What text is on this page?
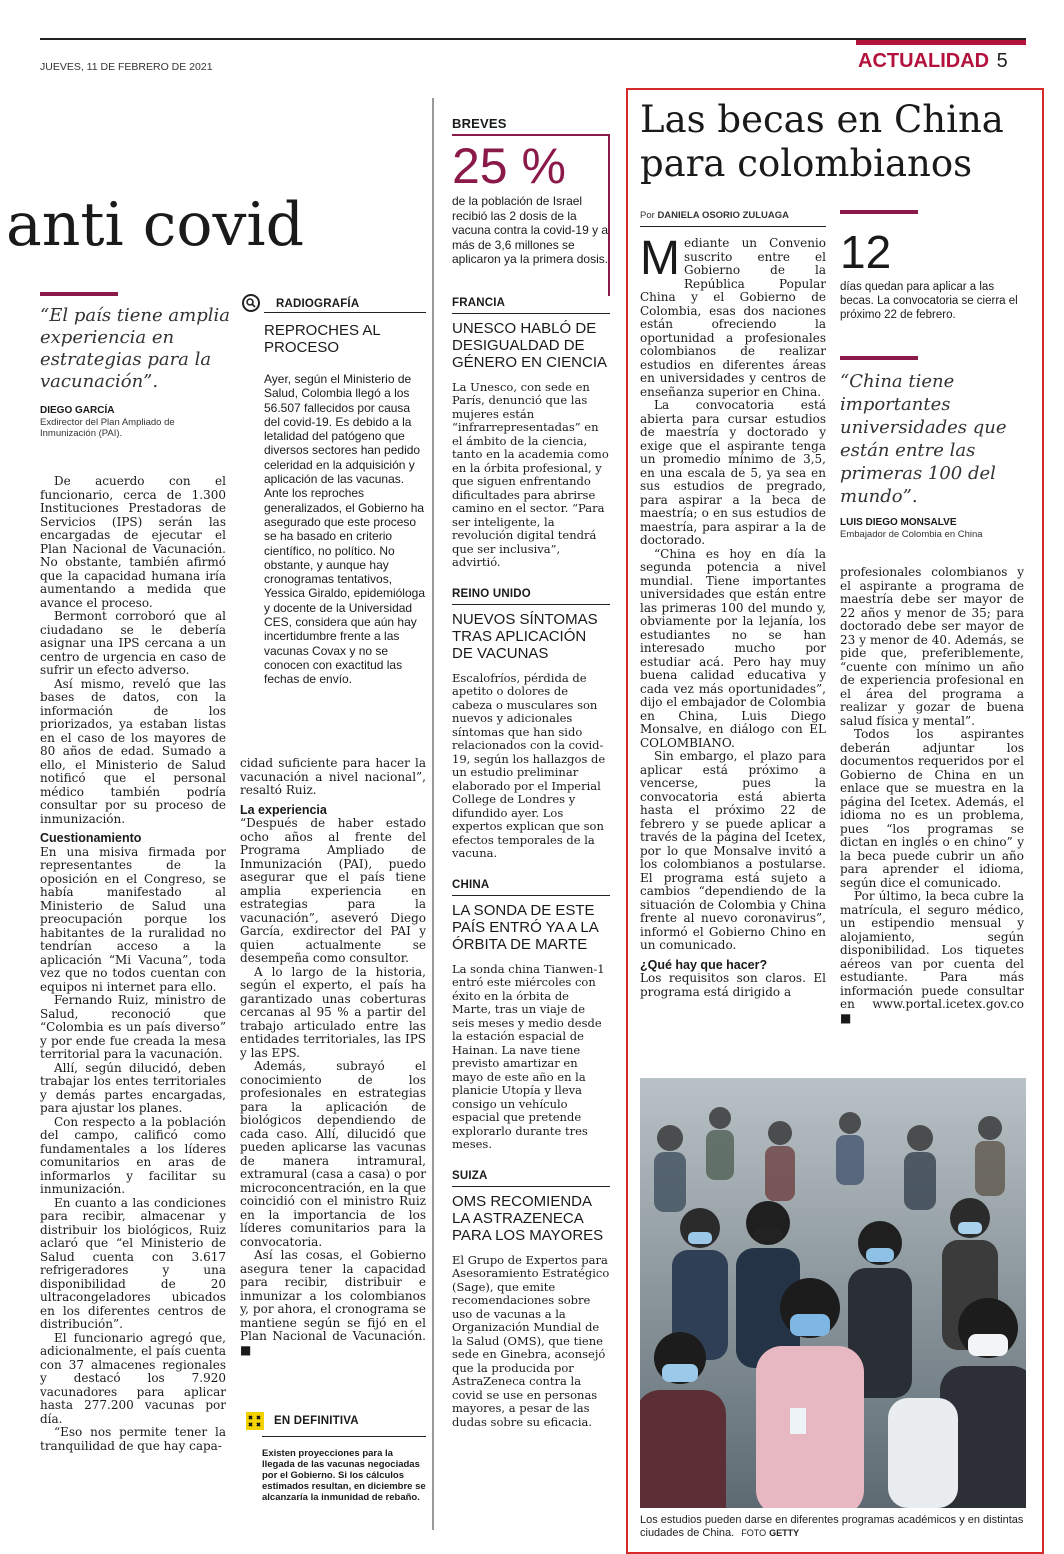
JUEVES, 11 DE FEBRERO DE 2021	ACTUALIDAD 5
anti covid
“El país tiene amplia experiencia en estrategias para la vacunación”.
DIEGO GARCÍA
Exdirector del Plan Ampliado de Inmunización (PAI).

De acuerdo con el funcionario, cerca de 1.300 Instituciones Prestadoras de Servicios (IPS) serán las encargadas de ejecutar el Plan Nacional de Vacunación. No obstante, también afirmó que la capacidad humana iría aumentando a medida que avance el proceso.

Bermont corroboró que al ciudadano se le debería asignar una IPS cercana a un centro de urgencia en caso de sufrir un efecto adverso.

Así mismo, reveló que las bases de datos, con la información de los priorizados, ya estaban listas en el caso de los mayores de 80 años de edad. Sumado a ello, el Ministerio de Salud notificó que el personal médico también podría consultar por su proceso de inmunización.

Cuestionamiento

En una misiva firmada por representantes de la oposición en el Congreso, se había manifestado al Ministerio de Salud una preocupación porque los habitantes de la ruralidad no tendrían acceso a la aplicación “Mi Vacuna”, toda vez que no todos cuentan con equipos ni internet para ello.

Fernando Ruiz, ministro de Salud, reconoció que “Colombia es un país diverso” y por ende fue creada la mesa territorial para la vacunación.

Allí, según dilucidó, deben trabajar los entes territoriales y demás partes encargadas, para ajustar los planes.

Con respecto a la población del campo, calificó como fundamentales a los líderes comunitarios en aras de informarlos y facilitar su inmunización.

En cuanto a las condiciones para recibir, almacenar y distribuir los biológicos, Ruiz aclaró que “el Ministerio de Salud cuenta con 3.617 refrigeradores y una disponibilidad de 20 ultracongeladores ubicados en los diferentes centros de distribución”.

El funcionario agregó que, adicionalmente, el país cuenta con 37 almacenes regionales y destacó los 7.920 vacunadores para aplicar hasta 277.200 vacunas por día.

“Eso nos permite tener la tranquilidad de que hay capa-

cidad suficiente para hacer la vacunación a nivel nacional”, resaltó Ruiz.

La experiencia

“Después de haber estado ocho años al frente del Programa Ampliado de Inmunización (PAI), puedo asegurar que el país tiene amplia experiencia en estrategias para la vacunación”, aseveró Diego García, exdirector del PAI y quien actualmente se desempeña como consultor.

A lo largo de la historia, según el experto, el país ha garantizado unas coberturas cercanas al 95 % a partir del trabajo articulado entre las entidades territoriales, las IPS y las EPS.

Además, subrayó el conocimiento de los profesionales en estrategias para la aplicación de biológicos dependiendo de cada caso. Allí, dilucidó que pueden aplicarse las vacunas de manera intramural, extramural (casa a casa) o por microconcentración, en la que coincidió con el ministro Ruiz en la importancia de los líderes comunitarios para la convocatoria.

Así las cosas, el Gobierno asegura tener la capacidad para recibir, distribuir e inmunizar a los colombianos y, por ahora, el cronograma se mantiene según se fijó en el Plan Nacional de Vacunación. ■

RADIOGRAFÍA
REPROCHES AL PROCESO
Ayer, según el Ministerio de Salud, Colombia llegó a los 56.507 fallecidos por causa del covid-19. Es debido a la letalidad del patógeno que diversos sectores han pedido celeridad en la adquisición y aplicación de las vacunas. Ante los reproches generalizados, el Gobierno ha asegurado que este proceso se ha basado en criterio científico, no político. No obstante, y aunque hay cronogramas tentativos, Yessica Giraldo, epidemióloga y docente de la Universidad CES, considera que aún hay incertidumbre frente a las vacunas Covax y no se conocen con exactitud las fechas de envío.
EN DEFINITIVA
Existen proyecciones para la llegada de las vacunas negociadas por el Gobierno. Si los cálculos estimados resultan, en diciembre se alcanzaría la inmunidad de rebaño.
BREVES
25 %
de la población de Israel recibió las 2 dosis de la vacuna contra la covid-19 y a más de 3,6 millones se aplicaron ya la primera dosis.
FRANCIA
UNESCO HABLÓ DE DESIGUALDAD DE GÉNERO EN CIENCIA
La Unesco, con sede en París, denunció que las mujeres están “infrarrepresentadas” en el ámbito de la ciencia, tanto en la academia como en la órbita profesional, y que siguen enfrentando dificultades para abrirse camino en el sector. “Para ser inteligente, la revolución digital tendrá que ser inclusiva”, advirtió.
REINO UNIDO
NUEVOS SÍNTOMAS TRAS APLICACIÓN DE VACUNAS
Escalofríos, pérdida de apetito o dolores de cabeza o musculares son nuevos y adicionales síntomas que han sido relacionados con la covid-19, según los hallazgos de un estudio preliminar elaborado por el Imperial College de Londres y difundido ayer. Los expertos explican que son efectos temporales de la vacuna.
CHINA
LA SONDA DE ESTE PAÍS ENTRÓ YA A LA ÓRBITA DE MARTE
La sonda china Tianwen-1 entró este miércoles con éxito en la órbita de Marte, tras un viaje de seis meses y medio desde la estación espacial de Hainan. La nave tiene previsto amartizar en mayo de este año en la planicie Utopía y lleva consigo un vehículo espacial que pretende explorarlo durante tres meses.
SUIZA
OMS RECOMIENDA LA ASTRAZENECA PARA LOS MAYORES
El Grupo de Expertos para Asesoramiento Estratégico (Sage), que emite recomendaciones sobre uso de vacunas a la Organización Mundial de la Salud (OMS), que tiene sede en Ginebra, aconsejó que la producida por AstraZeneca contra la covid se use en personas mayores, a pesar de las dudas sobre su eficacia.
Las becas en China para colombianos
Por DANIELA OSORIO ZULUAGA

Mediante un Convenio suscrito entre el Gobierno de la República Popular China y el Gobierno de Colombia, esas dos naciones están ofreciendo la oportunidad a profesionales colombianos de realizar estudios en diferentes áreas en universidades y centros de enseñanza superior en China.

La convocatoria está abierta para cursar estudios de maestría y doctorado y exige que el aspirante tenga un promedio mínimo de 3,5, en una escala de 5, ya sea en sus estudios de pregrado, para aspirar a la beca de maestría; o en sus estudios de maestría, para aspirar a la de doctorado.

“China es hoy en día la segunda potencia a nivel mundial. Tiene importantes universidades que están entre las primeras 100 del mundo y, obviamente por la lejanía, los estudiantes no se han interesado mucho por estudiar acá. Pero hay muy buena calidad educativa y cada vez más oportunidades”, dijo el embajador de Colombia en China, Luis Diego Monsalve, en diálogo con EL COLOMBIANO.

Sin embargo, el plazo para aplicar está próximo a vencerse, pues la convocatoria está abierta hasta el próximo 22 de febrero y se puede aplicar a través de la página del Icetex, por lo que Monsalve invitó a los colombianos a postularse. El programa está sujeto a cambios “dependiendo de la situación de Colombia y China frente al nuevo coronavirus”, informó el Gobierno Chino en un comunicado.

¿Qué hay que hacer?

Los requisitos son claros. El programa está dirigido a

12
días quedan para aplicar a las becas. La convocatoria se cierra el próximo 22 de febrero.
“China tiene importantes universidades que están entre las primeras 100 del mundo”.
LUIS DIEGO MONSALVE
Embajador de Colombia en China

profesionales colombianos y el aspirante a programa de maestría debe ser mayor de 22 años y menor de 35; para doctorado debe ser mayor de 23 y menor de 40. Además, se pide que, preferiblemente, “cuente con mínimo un año de experiencia profesional en el área del programa a realizar y gozar de buena salud física y mental”.

Todos los aspirantes deberán adjuntar los documentos requeridos por el Gobierno de China en un enlace que se muestra en la página del Icetex. Además, el idioma no es un problema, pues “los programas se dictan en inglés o en chino” y la beca puede cubrir un año para aprender el idioma, según dice el comunicado.

Por último, la beca cubre la matrícula, el seguro médico, un estipendio mensual y alojamiento, según disponibilidad. Los tiquetes aéreos van por cuenta del estudiante. Para más información puede consultar en www.portal.icetex.gov.co ■

Los estudios pueden darse en diferentes programas académicos y en distintas ciudades de China. FOTO GETTY
